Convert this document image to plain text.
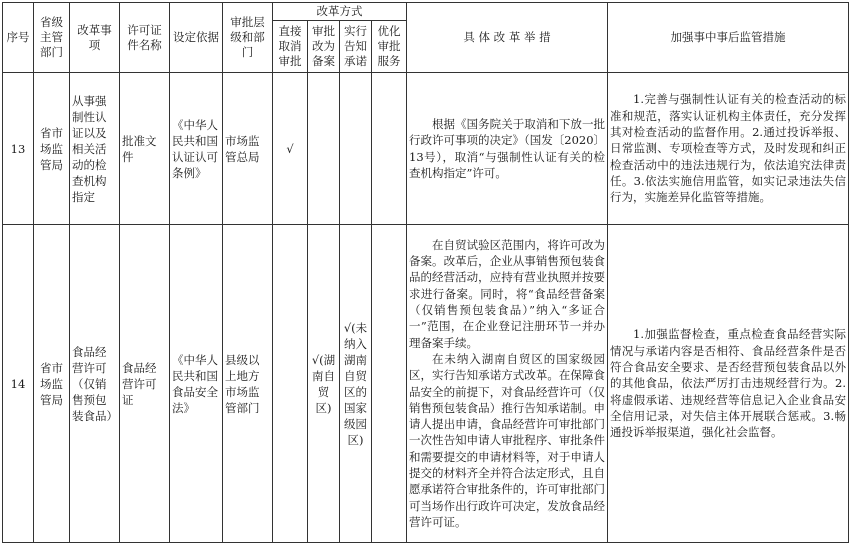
序号	省级主管部门	改革事项	许可证件名称	设定依据	审批层级和部门	改革方式				具 体 改 革 举 措	加强事中事后监管措施
						直接取消审批	审批改为备案	实行告知承诺	优化审批服务		
13	省市场监管局	从事强制性认证以及相关活动的检查机构指定	批准文件	《中华人民共和国认证认可条例》	市场监管总局	√				根据《国务院关于取消和下放一批行政许可事项的决定》（国发〔2020〕13号），取消“与强制性认证有关的检查机构指定”许可。	1.完善与强制性认证有关的检查活动的标准和规范，落实认证机构主体责任，充分发挥其对检查活动的监督作用。2.通过投诉举报、日常监测、专项检查等方式，及时发现和纠正检查活动中的违法违规行为，依法追究法律责任。3.依法实施信用监管，如实记录违法失信行为，实施差异化监管等措施。

14	省市场监管局	食品经营许可（仅销售预包装食品）	食品经营许可证	《中华人民共和国食品安全法》	县级以上地方市场监管部门		√(湖南自贸区)	√(未纳入湖南自贸区的国家级园区)		在自贸试验区范围内，将许可改为备案。改革后，企业从事销售预包装食品的经营活动，应持有营业执照并按要求进行备案。同时，将“食品经营备案（仅销售预包装食品）”纳入“多证合一”范围，在企业登记注册环节一并办理备案手续。

在未纳入湖南自贸区的国家级园区，实行告知承诺方式改革。在保障食品安全的前提下，对食品经营许可（仅销售预包装食品）推行告知承诺制。申请人提出申请，食品经营许可审批部门一次性告知申请人审批程序、审批条件和需要提交的申请材料等，对于申请人提交的材料齐全并符合法定形式，且自愿承诺符合审批条件的，许可审批部门可当场作出行政许可决定，发放食品经营许可证。	1.加强监督检查，重点检查食品经营实际情况与承诺内容是否相符、食品经营条件是否符合食品安全要求、是否经营预包装食品以外的其他食品，依法严厉打击违规经营行为。2.将虚假承诺、违规经营等信息记入企业食品安全信用记录，对失信主体开展联合惩戒。3.畅通投诉举报渠道，强化社会监督。
